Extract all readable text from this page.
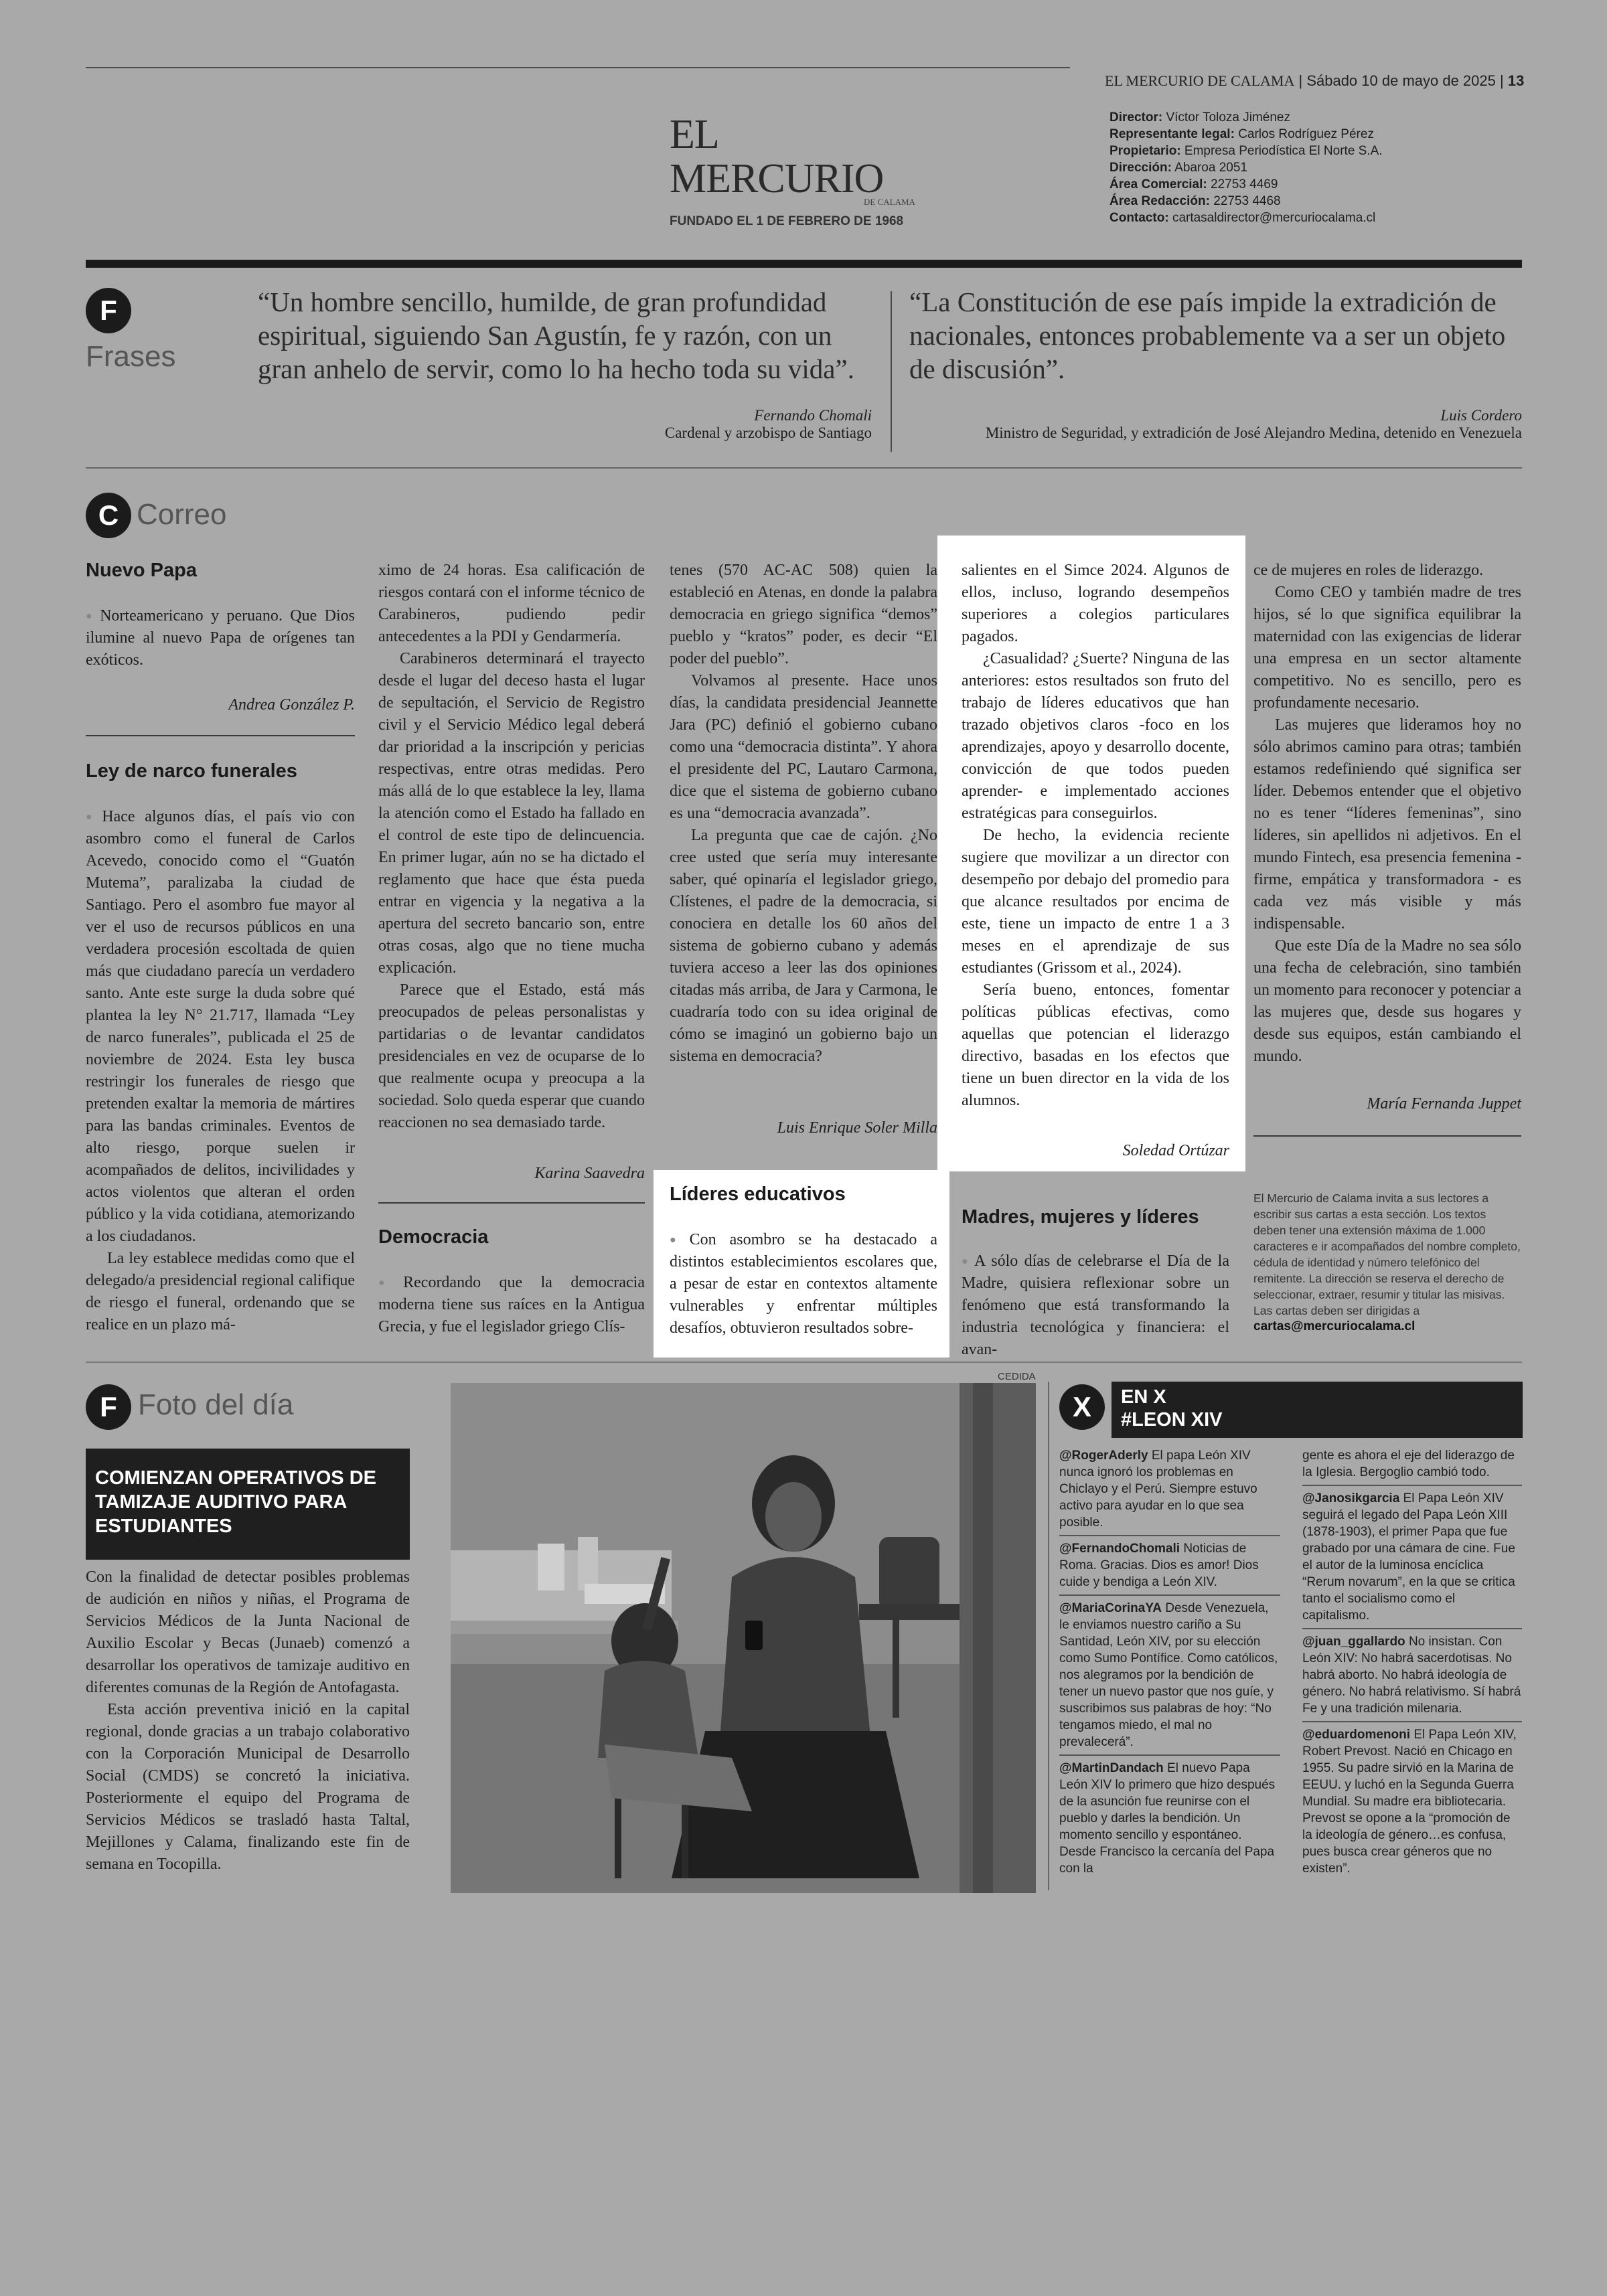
EL MERCURIO DE CALAMA | Sábado 10 de mayo de 2025 | 13
EL MERCURIO
DE CALAMA
FUNDADO EL 1 DE FEBRERO DE 1968
Director: Víctor Toloza Jiménez
Representante legal: Carlos Rodríguez Pérez
Propietario: Empresa Periodística El Norte S.A.
Dirección: Abaroa 2051
Área Comercial: 22753 4469
Área Redacción: 22753 4468
Contacto: cartasaldirector@mercuriocalama.cl
F
Frases
“Un hombre sencillo, humilde, de gran profundidad espiritual, siguiendo San Agustín, fe y razón, con un gran anhelo de servir, como lo ha hecho toda su vida”.
Fernando Chomali
Cardenal y arzobispo de Santiago
“La Constitución de ese país impide la extradición de nacionales, entonces probablemente va a ser un objeto de discusión”.
Luis Cordero
Ministro de Seguridad, y extradición de José Alejandro Medina, detenido en Venezuela
C Correo
Nuevo Papa

● Norteamericano y peruano. Que Dios ilumine al nuevo Papa de orígenes tan exóticos.

Andrea González P.
Ley de narco funerales

● Hace algunos días, el país vio con asombro como el funeral de Carlos Acevedo, conocido como el “Guatón Mutema”, paralizaba la ciudad de Santiago. Pero el asombro fue mayor al ver el uso de recursos públicos en una verdadera procesión escoltada de quien más que ciudadano parecía un verdadero santo. Ante este surge la duda sobre qué plantea la ley N° 21.717, llamada “Ley de narco funerales”, publicada el 25 de noviembre de 2024. Esta ley busca restringir los funerales de riesgo que pretenden exaltar la memoria de mártires para las bandas criminales. Eventos de alto riesgo, porque suelen ir acompañados de delitos, incivilidades y actos violentos que alteran el orden público y la vida cotidiana, atemorizando a los ciudadanos.

La ley establece medidas como que el delegado/a presidencial regional califique de riesgo el funeral, ordenando que se realice en un plazo má-

ximo de 24 horas. Esa calificación de riesgos contará con el informe técnico de Carabineros, pudiendo pedir antecedentes a la PDI y Gendarmería.

Carabineros determinará el trayecto desde el lugar del deceso hasta el lugar de sepultación, el Servicio de Registro civil y el Servicio Médico legal deberá dar prioridad a la inscripción y pericias respectivas, entre otras medidas. Pero más allá de lo que establece la ley, llama la atención como el Estado ha fallado en el control de este tipo de delincuencia. En primer lugar, aún no se ha dictado el reglamento que hace que ésta pueda entrar en vigencia y la negativa a la apertura del secreto bancario son, entre otras cosas, algo que no tiene mucha explicación.

Parece que el Estado, está más preocupados de peleas personalistas y partidarias o de levantar candidatos presidenciales en vez de ocuparse de lo que realmente ocupa y preocupa a la sociedad. Solo queda esperar que cuando reaccionen no sea demasiado tarde.

Karina Saavedra
Democracia

● Recordando que la democracia moderna tiene sus raíces en la Antigua Grecia, y fue el legislador griego Clís-

tenes (570 AC-AC 508) quien la estableció en Atenas, en donde la palabra democracia en griego significa “demos” pueblo y “kratos” poder, es decir “El poder del pueblo”.

Volvamos al presente. Hace unos días, la candidata presidencial Jeannette Jara (PC) definió el gobierno cubano como una “democracia distinta”. Y ahora el presidente del PC, Lautaro Carmona, dice que el sistema de gobierno cubano es una “democracia avanzada”.

La pregunta que cae de cajón. ¿No cree usted que sería muy interesante saber, qué opinaría el legislador griego, Clístenes, el padre de la democracia, si conociera en detalle los 60 años del sistema de gobierno cubano y además tuviera acceso a leer las dos opiniones citadas más arriba, de Jara y Carmona, le cuadraría todo con su idea original de cómo se imaginó un gobierno bajo un sistema en democracia?

Luis Enrique Soler Milla
Líderes educativos

● Con asombro se ha destacado a distintos establecimientos escolares que, a pesar de estar en contextos altamente vulnerables y enfrentar múltiples desafíos, obtuvieron resultados sobre-

salientes en el Simce 2024. Algunos de ellos, incluso, logrando desempeños superiores a colegios particulares pagados.

¿Casualidad? ¿Suerte? Ninguna de las anteriores: estos resultados son fruto del trabajo de líderes educativos que han trazado objetivos claros -foco en los aprendizajes, apoyo y desarrollo docente, convicción de que todos pueden aprender- e implementado acciones estratégicas para conseguirlos.

De hecho, la evidencia reciente sugiere que movilizar a un director con desempeño por debajo del promedio para que alcance resultados por encima de este, tiene un impacto de entre 1 a 3 meses en el aprendizaje de sus estudiantes (Grissom et al., 2024).

Sería bueno, entonces, fomentar políticas públicas efectivas, como aquellas que potencian el liderazgo directivo, basadas en los efectos que tiene un buen director en la vida de los alumnos.

Soledad Ortúzar
Madres, mujeres y líderes

● A sólo días de celebrarse el Día de la Madre, quisiera reflexionar sobre un fenómeno que está transformando la industria tecnológica y financiera: el avan-

ce de mujeres en roles de liderazgo.

Como CEO y también madre de tres hijos, sé lo que significa equilibrar la maternidad con las exigencias de liderar una empresa en un sector altamente competitivo. No es sencillo, pero es profundamente necesario.

Las mujeres que lideramos hoy no sólo abrimos camino para otras; también estamos redefiniendo qué significa ser líder. Debemos entender que el objetivo no es tener “líderes femeninas”, sino líderes, sin apellidos ni adjetivos. En el mundo Fintech, esa presencia femenina - firme, empática y transformadora - es cada vez más visible y más indispensable.

Que este Día de la Madre no sea sólo una fecha de celebración, sino también un momento para reconocer y potenciar a las mujeres que, desde sus hogares y desde sus equipos, están cambiando el mundo.

María Fernanda Juppet
El Mercurio de Calama invita a sus lectores a escribir sus cartas a esta sección. Los textos deben tener una extensión máxima de 1.000 caracteres e ir acompañados del nombre completo, cédula de identidad y número telefónico del remitente. La dirección se reserva el derecho de seleccionar, extraer, resumir y titular las misivas. Las cartas deben ser dirigidas a
cartas@mercuriocalama.cl
F Foto del día
COMIENZAN OPERATIVOS DE TAMIZAJE AUDITIVO PARA ESTUDIANTES

Con la finalidad de detectar posibles problemas de audición en niños y niñas, el Programa de Servicios Médicos de la Junta Nacional de Auxilio Escolar y Becas (Junaeb) comenzó a desarrollar los operativos de tamizaje auditivo en diferentes comunas de la Región de Antofagasta.

Esta acción preventiva inició en la capital regional, donde gracias a un trabajo colaborativo con la Corporación Municipal de Desarrollo Social (CMDS) se concretó la iniciativa. Posteriormente el equipo del Programa de Servicios Médicos se trasladó hasta Taltal, Mejillones y Calama, finalizando este fin de semana en Tocopilla.

CEDIDA
X	EN X
#LEON XIV
@RogerAderly El papa León XIV nunca ignoró los problemas en Chiclayo y el Perú. Siempre estuvo activo para ayudar en lo que sea posible.
@FernandoChomali Noticias de Roma. Gracias. Dios es amor! Dios cuide y bendiga a León XIV.
@MariaCorinaYA Desde Venezuela, le enviamos nuestro cariño a Su Santidad, León XIV, por su elección como Sumo Pontífice. Como católicos, nos alegramos por la bendición de tener un nuevo pastor que nos guíe, y suscribimos sus palabras de hoy: “No tengamos miedo, el mal no prevalecerá”.
@MartinDandach El nuevo Papa León XIV lo primero que hizo después de la asunción fue reunirse con el pueblo y darles la bendición. Un momento sencillo y espontáneo. Desde Francisco la cercanía del Papa con la
gente es ahora el eje del liderazgo de la Iglesia. Bergoglio cambió todo.
@Janosikgarcia El Papa León XIV seguirá el legado del Papa León XIII (1878-1903), el primer Papa que fue grabado por una cámara de cine. Fue el autor de la luminosa encíclica “Rerum novarum”, en la que se critica tanto el socialismo como el capitalismo.
@juan_ggallardo No insistan. Con León XIV: No habrá sacerdotisas. No habrá aborto. No habrá ideología de género. No habrá relativismo. Sí habrá Fe y una tradición milenaria.
@eduardomenoni El Papa León XIV, Robert Prevost. Nació en Chicago en 1955. Su padre sirvió en la Marina de EEUU. y luchó en la Segunda Guerra Mundial. Su madre era bibliotecaria. Prevost se opone a la “promoción de la ideología de género…es confusa, pues busca crear géneros que no existen”.
